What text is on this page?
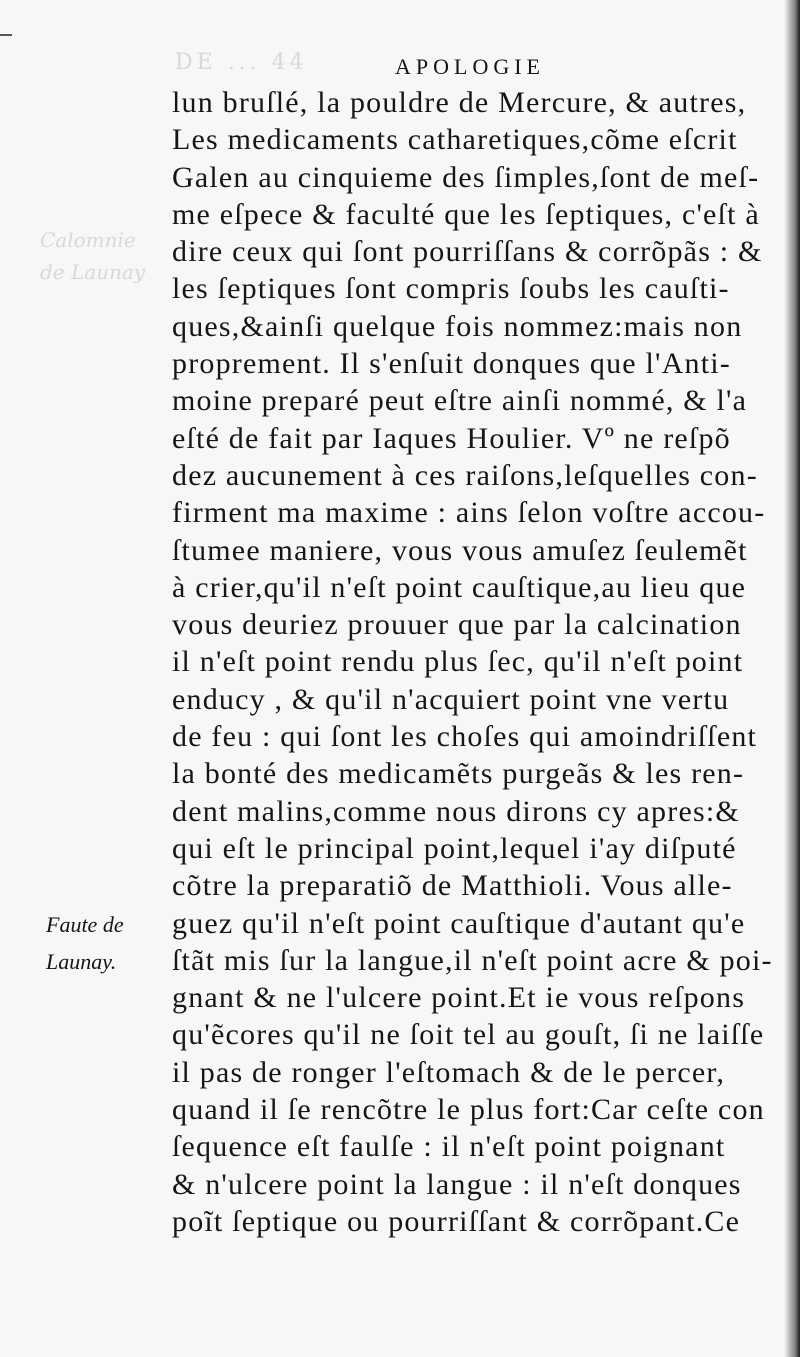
DE ... 44
Calomnie
de Launay
APOLOGIE
Faute de
Launay.
lun bruſlé, la pouldre de Mercure, & autres,
Les medicaments catharetiques,cõme eſcrit
Galen au cinquieme des ſimples,ſont de meſ-
me eſpece & faculté que les ſeptiques, c'eſt à
dire ceux qui ſont pourriſſans & corrõpãs : &
les ſeptiques ſont compris ſoubs les cauſti-
ques,&ainſi quelque fois nommez:mais non
proprement. Il s'enſuit donques que l'Anti-
moine preparé peut eſtre ainſi nommé, & l'a
eſté de fait par Iaques Houlier. Vº ne reſpõ
dez aucunement à ces raiſons,leſquelles con-
firment ma maxime : ains ſelon voſtre accou-
ſtumee maniere, vous vous amuſez ſeulemẽt
à crier,qu'il n'eſt point cauſtique,au lieu que
vous deuriez prouuer que par la calcination
il n'eſt point rendu plus ſec, qu'il n'eſt point
enducy , & qu'il n'acquiert point vne vertu
de feu : qui ſont les choſes qui amoindriſſent
la bonté des medicamẽts purgeãs & les ren-
dent malins,comme nous dirons cy apres:&
qui eſt le principal point,lequel i'ay diſputé
cõtre la preparatiõ de Matthioli. Vous alle-
guez qu'il n'eſt point cauſtique d'autant qu'e
ſtãt mis ſur la langue,il n'eſt point acre & poi-
gnant & ne l'ulcere point.Et ie vous reſpons
qu'ẽcores qu'il ne ſoit tel au gouſt, ſi ne laiſſe
il pas de ronger l'eſtomach & de le percer,
quand il ſe rencõtre le plus fort:Car ceſte con
ſequence eſt faulſe : il n'eſt point poignant
& n'ulcere point la langue : il n'eſt donques
poĩt ſeptique ou pourriſſant & corrõpant.Ce
